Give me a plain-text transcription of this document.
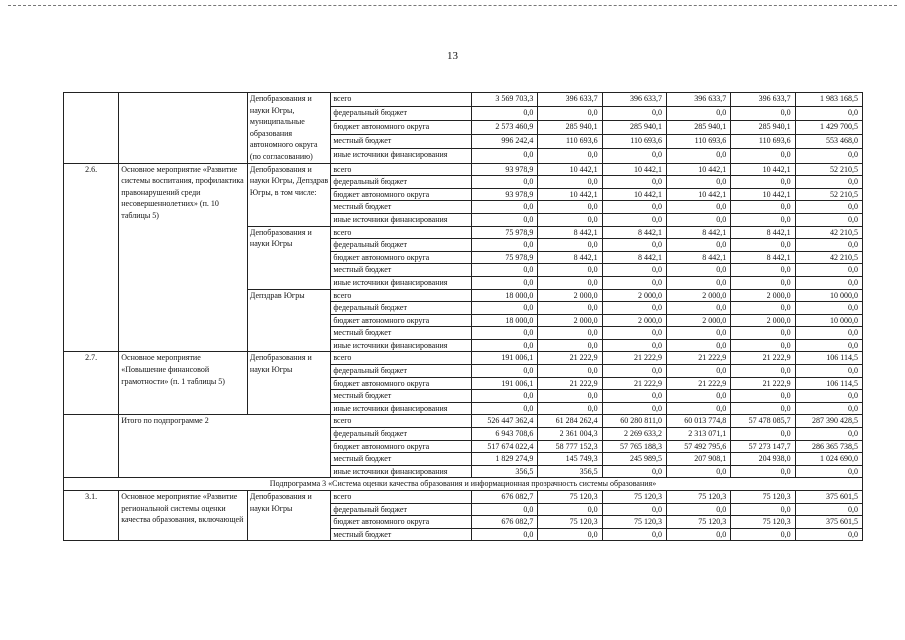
13
		Депобразования и науки Югры, муниципальные образования автономного округа (по согласованию)	всего	3 569 703,3	396 633,7	396 633,7	396 633,7	396 633,7	1 983 168,5
			федеральный бюджет	0,0	0,0	0,0	0,0	0,0	0,0
			бюджет автономного округа	2 573 460,9	285 940,1	285 940,1	285 940,1	285 940,1	1 429 700,5
			местный бюджет	996 242,4	110 693,6	110 693,6	110 693,6	110 693,6	553 468,0
			иные источники финансирования	0,0	0,0	0,0	0,0	0,0	0,0
2.6.	Основное мероприятие «Развитие системы воспитания, профилактика правонарушений среди несовершеннолетних» (п. 10 таблицы 5)	Депобразования и науки Югры, Депздрав Югры, в том числе:	всего	93 978,9	10 442,1	10 442,1	10 442,1	10 442,1	52 210,5
			федеральный бюджет	0,0	0,0	0,0	0,0	0,0	0,0
			бюджет автономного округа	93 978,9	10 442,1	10 442,1	10 442,1	10 442,1	52 210,5
			местный бюджет	0,0	0,0	0,0	0,0	0,0	0,0
			иные источники финансирования	0,0	0,0	0,0	0,0	0,0	0,0
		Депобразования и науки Югры	всего	75 978,9	8 442,1	8 442,1	8 442,1	8 442,1	42 210,5
			федеральный бюджет	0,0	0,0	0,0	0,0	0,0	0,0
			бюджет автономного округа	75 978,9	8 442,1	8 442,1	8 442,1	8 442,1	42 210,5
			местный бюджет	0,0	0,0	0,0	0,0	0,0	0,0
			иные источники финансирования	0,0	0,0	0,0	0,0	0,0	0,0
		Депздрав Югры	всего	18 000,0	2 000,0	2 000,0	2 000,0	2 000,0	10 000,0
			федеральный бюджет	0,0	0,0	0,0	0,0	0,0	0,0
			бюджет автономного округа	18 000,0	2 000,0	2 000,0	2 000,0	2 000,0	10 000,0
			местный бюджет	0,0	0,0	0,0	0,0	0,0	0,0
			иные источники финансирования	0,0	0,0	0,0	0,0	0,0	0,0
2.7.	Основное мероприятие «Повышение финансовой грамотности» (п. 1 таблицы 5)	Депобразования и науки Югры	всего	191 006,1	21 222,9	21 222,9	21 222,9	21 222,9	106 114,5
			федеральный бюджет	0,0	0,0	0,0	0,0	0,0	0,0
			бюджет автономного округа	191 006,1	21 222,9	21 222,9	21 222,9	21 222,9	106 114,5
			местный бюджет	0,0	0,0	0,0	0,0	0,0	0,0
			иные источники финансирования	0,0	0,0	0,0	0,0	0,0	0,0
	Итого по подпрограмме 2		всего	526 447 362,4	61 284 262,4	60 280 811,0	60 013 774,8	57 478 085,7	287 390 428,5
			федеральный бюджет	6 943 708,6	2 361 004,3	2 269 633,2	2 313 071,1	0,0	0,0
			бюджет автономного округа	517 674 022,4	58 777 152,3	57 765 188,3	57 492 795,6	57 273 147,7	286 365 738,5
			местный бюджет	1 829 274,9	145 749,3	245 989,5	207 908,1	204 938,0	1 024 690,0
			иные источники финансирования	356,5	356,5	0,0	0,0	0,0	0,0
Подпрограмма 3 «Система оценки качества образования и информационная прозрачность системы образования»									
3.1.	Основное мероприятие «Развитие региональной системы оценки качества образования, включающей	Депобразования и науки Югры	всего	676 082,7	75 120,3	75 120,3	75 120,3	75 120,3	375 601,5
			федеральный бюджет	0,0	0,0	0,0	0,0	0,0	0,0
			бюджет автономного округа	676 082,7	75 120,3	75 120,3	75 120,3	75 120,3	375 601,5
			местный бюджет	0,0	0,0	0,0	0,0	0,0	0,0
